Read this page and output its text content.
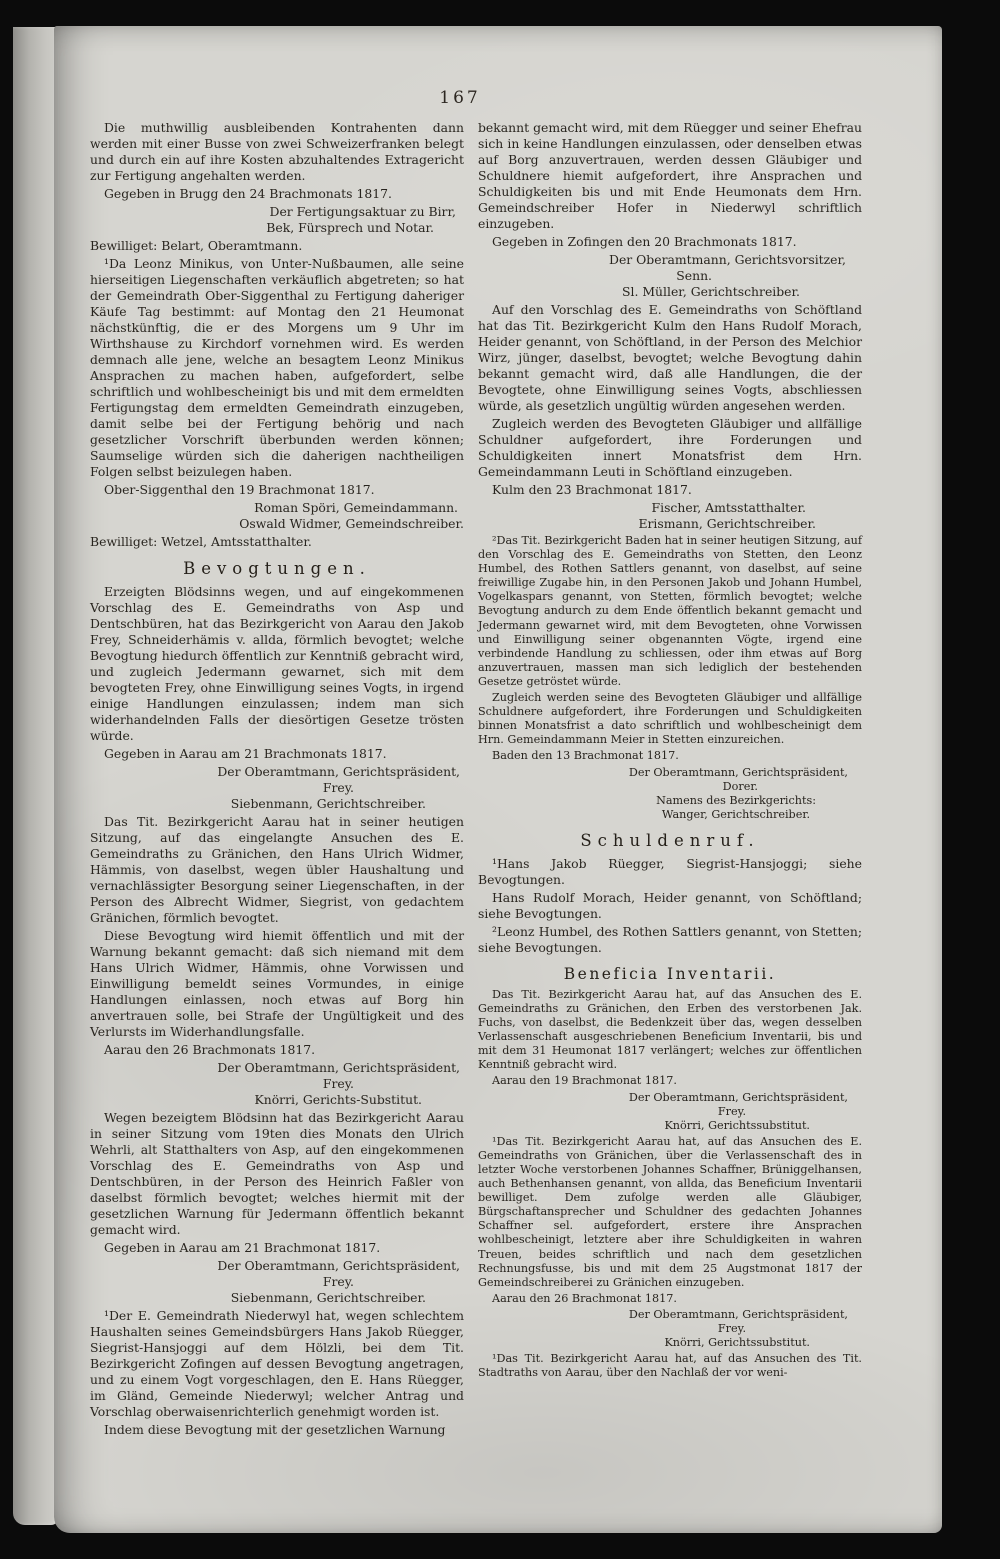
167
Die muthwillig ausbleibenden Kontrahenten dann werden mit einer Busse von zwei Schweizerfranken belegt und durch ein auf ihre Kosten abzuhaltendes Extragericht zur Fertigung angehalten werden.
Gegeben in Brugg den 24 Brachmonats 1817.
Der Fertigungsaktuar zu Birr,
Bek, Fürsprech und Notar.
Bewilliget: Belart, Oberamtmann.
¹Da Leonz Minikus, von Unter-Nußbaumen, alle seine hierseitigen Liegenschaften verkäuflich abgetreten; so hat der Gemeindrath Ober-Siggenthal zu Fertigung daheriger Käufe Tag bestimmt: auf Montag den 21 Heumonat nächstkünftig, die er des Morgens um 9 Uhr im Wirthshause zu Kirchdorf vornehmen wird. Es werden demnach alle jene, welche an besagtem Leonz Minikus Ansprachen zu machen haben, aufgefordert, selbe schriftlich und wohlbescheinigt bis und mit dem ermeldten Fertigungstag dem ermeldten Gemeindrath einzugeben, damit selbe bei der Fertigung behörig und nach gesetzlicher Vorschrift überbunden werden können; Saumselige würden sich die daherigen nachtheiligen Folgen selbst beizulegen haben.
Ober-Siggenthal den 19 Brachmonat 1817.
Roman Spöri, Gemeindammann.
Oswald Widmer, Gemeindschreiber.
Bewilliget: Wetzel, Amtsstatthalter.
Bevogtungen.
Erzeigten Blödsinns wegen, und auf eingekommenen Vorschlag des E. Gemeindraths von Asp und Dentschbüren, hat das Bezirkgericht von Aarau den Jakob Frey, Schneiderhämis v. allda, förmlich bevogtet; welche Bevogtung hiedurch öffentlich zur Kenntniß gebracht wird, und zugleich Jedermann gewarnet, sich mit dem bevogteten Frey, ohne Einwilligung seines Vogts, in irgend einige Handlungen einzulassen; indem man sich widerhandelnden Falls der diesörtigen Gesetze trösten würde.
Gegeben in Aarau am 21 Brachmonats 1817.
Der Oberamtmann, Gerichtspräsident,
Frey.
Siebenmann, Gerichtschreiber.
Das Tit. Bezirkgericht Aarau hat in seiner heutigen Sitzung, auf das eingelangte Ansuchen des E. Gemeindraths zu Gränichen, den Hans Ulrich Widmer, Hämmis, von daselbst, wegen übler Haushaltung und vernachlässigter Besorgung seiner Liegenschaften, in der Person des Albrecht Widmer, Siegrist, von gedachtem Gränichen, förmlich bevogtet.
Diese Bevogtung wird hiemit öffentlich und mit der Warnung bekannt gemacht: daß sich niemand mit dem Hans Ulrich Widmer, Hämmis, ohne Vorwissen und Einwilligung bemeldt seines Vormundes, in einige Handlungen einlassen, noch etwas auf Borg hin anvertrauen solle, bei Strafe der Ungültigkeit und des Verlursts im Widerhandlungsfalle.
Aarau den 26 Brachmonats 1817.
Der Oberamtmann, Gerichtspräsident,
Frey.
Knörri, Gerichts-Substitut.
Wegen bezeigtem Blödsinn hat das Bezirkgericht Aarau in seiner Sitzung vom 19ten dies Monats den Ulrich Wehrli, alt Statthalters von Asp, auf den eingekommenen Vorschlag des E. Gemeindraths von Asp und Dentschbüren, in der Person des Heinrich Faßler von daselbst förmlich bevogtet; welches hiermit mit der gesetzlichen Warnung für Jedermann öffentlich bekannt gemacht wird.
Gegeben in Aarau am 21 Brachmonat 1817.
Der Oberamtmann, Gerichtspräsident,
Frey.
Siebenmann, Gerichtschreiber.
¹Der E. Gemeindrath Niederwyl hat, wegen schlechtem Haushalten seines Gemeindsbürgers Hans Jakob Rüegger, Siegrist-Hansjoggi auf dem Hölzli, bei dem Tit. Bezirkgericht Zofingen auf dessen Bevogtung angetragen, und zu einem Vogt vorgeschlagen, den E. Hans Rüegger, im Gländ, Gemeinde Niederwyl; welcher Antrag und Vorschlag oberwaisenrichterlich genehmigt worden ist.
Indem diese Bevogtung mit der gesetzlichen Warnung
bekannt gemacht wird, mit dem Rüegger und seiner Ehefrau sich in keine Handlungen einzulassen, oder denselben etwas auf Borg anzuvertrauen, werden dessen Gläubiger und Schuldnere hiemit aufgefordert, ihre Ansprachen und Schuldigkeiten bis und mit Ende Heumonats dem Hrn. Gemeindschreiber Hofer in Niederwyl schriftlich einzugeben.
Gegeben in Zofingen den 20 Brachmonats 1817.
Der Oberamtmann, Gerichtsvorsitzer,
Senn.
Sl. Müller, Gerichtschreiber.
Auf den Vorschlag des E. Gemeindraths von Schöftland hat das Tit. Bezirkgericht Kulm den Hans Rudolf Morach, Heider genannt, von Schöftland, in der Person des Melchior Wirz, jünger, daselbst, bevogtet; welche Bevogtung dahin bekannt gemacht wird, daß alle Handlungen, die der Bevogtete, ohne Einwilligung seines Vogts, abschliessen würde, als gesetzlich ungültig würden angesehen werden.
Zugleich werden des Bevogteten Gläubiger und allfällige Schuldner aufgefordert, ihre Forderungen und Schuldigkeiten innert Monatsfrist dem Hrn. Gemeindammann Leuti in Schöftland einzugeben.
Kulm den 23 Brachmonat 1817.
Fischer, Amtsstatthalter.
Erismann, Gerichtschreiber.
²Das Tit. Bezirkgericht Baden hat in seiner heutigen Sitzung, auf den Vorschlag des E. Gemeindraths von Stetten, den Leonz Humbel, des Rothen Sattlers genannt, von daselbst, auf seine freiwillige Zugabe hin, in den Personen Jakob und Johann Humbel, Vogelkaspars genannt, von Stetten, förmlich bevogtet; welche Bevogtung andurch zu dem Ende öffentlich bekannt gemacht und Jedermann gewarnet wird, mit dem Bevogteten, ohne Vorwissen und Einwilligung seiner obgenannten Vögte, irgend eine verbindende Handlung zu schliessen, oder ihm etwas auf Borg anzuvertrauen, massen man sich lediglich der bestehenden Gesetze getröstet würde.
Zugleich werden seine des Bevogteten Gläubiger und allfällige Schuldnere aufgefordert, ihre Forderungen und Schuldigkeiten binnen Monatsfrist a dato schriftlich und wohlbescheinigt dem Hrn. Gemeindammann Meier in Stetten einzureichen.
Baden den 13 Brachmonat 1817.
Der Oberamtmann, Gerichtspräsident,
Dorer.
Namens des Bezirkgerichts:
Wanger, Gerichtschreiber.
Schuldenruf.
¹Hans Jakob Rüegger, Siegrist-Hansjoggi; siehe Bevogtungen.
Hans Rudolf Morach, Heider genannt, von Schöftland; siehe Bevogtungen.
²Leonz Humbel, des Rothen Sattlers genannt, von Stetten; siehe Bevogtungen.
Beneficia Inventarii.
Das Tit. Bezirkgericht Aarau hat, auf das Ansuchen des E. Gemeindraths zu Gränichen, den Erben des verstorbenen Jak. Fuchs, von daselbst, die Bedenkzeit über das, wegen desselben Verlassenschaft ausgeschriebenen Beneficium Inventarii, bis und mit dem 31 Heumonat 1817 verlängert; welches zur öffentlichen Kenntniß gebracht wird.
Aarau den 19 Brachmonat 1817.
Der Oberamtmann, Gerichtspräsident,
Frey.
Knörri, Gerichtssubstitut.
¹Das Tit. Bezirkgericht Aarau hat, auf das Ansuchen des E. Gemeindraths von Gränichen, über die Verlassenschaft des in letzter Woche verstorbenen Johannes Schaffner, Brüniggelhansen, auch Bethenhansen genannt, von allda, das Beneficium Inventarii bewilliget. Dem zufolge werden alle Gläubiger, Bürgschaftansprecher und Schuldner des gedachten Johannes Schaffner sel. aufgefordert, erstere ihre Ansprachen wohlbescheinigt, letztere aber ihre Schuldigkeiten in wahren Treuen, beides schriftlich und nach dem gesetzlichen Rechnungsfusse, bis und mit dem 25 Augstmonat 1817 der Gemeindschreiberei zu Gränichen einzugeben.
Aarau den 26 Brachmonat 1817.
Der Oberamtmann, Gerichtspräsident,
Frey.
Knörri, Gerichtssubstitut.
¹Das Tit. Bezirkgericht Aarau hat, auf das Ansuchen des Tit. Stadtraths von Aarau, über den Nachlaß der vor weni-
